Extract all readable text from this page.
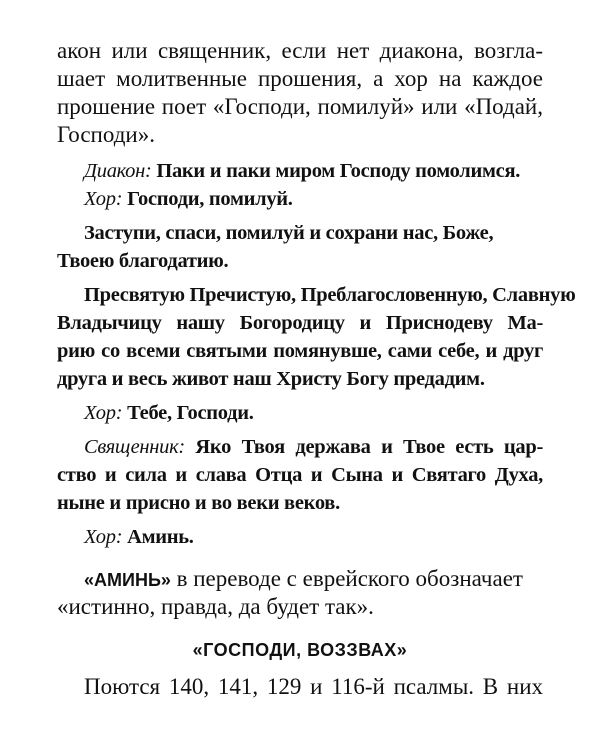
акон или священник, если нет диакона, возгла-
шает молитвенные прошения, а хор на каждое
прошение поет «Господи, помилуй» или «Подай,
Господи».
Диакон: Паки и паки миром Господу помолимся.
Хор: Господи, помилуй.
Заступи, спаси, помилуй и сохрани нас, Боже,
Твоею благодатию.
Пресвятую Пречистую, Преблагословенную, Славную
Владычицу нашу Богородицу и Приснодеву Ма-
рию со всеми святыми помянувше, сами себе, и друг
друга и весь живот наш Христу Богу предадим.
Хор: Тебе, Господи.
Священник: Яко Твоя держава и Твое есть цар-
ство и сила и слава Отца и Сына и Святаго Духа,
ныне и присно и во веки веков.
Хор: Аминь.
«АМИНЬ» в переводе с еврейского обозначает
«истинно, правда, да будет так».
«ГОСПОДИ, ВОЗЗВАХ»
Поются 140, 141, 129 и 116-й псалмы. В них
